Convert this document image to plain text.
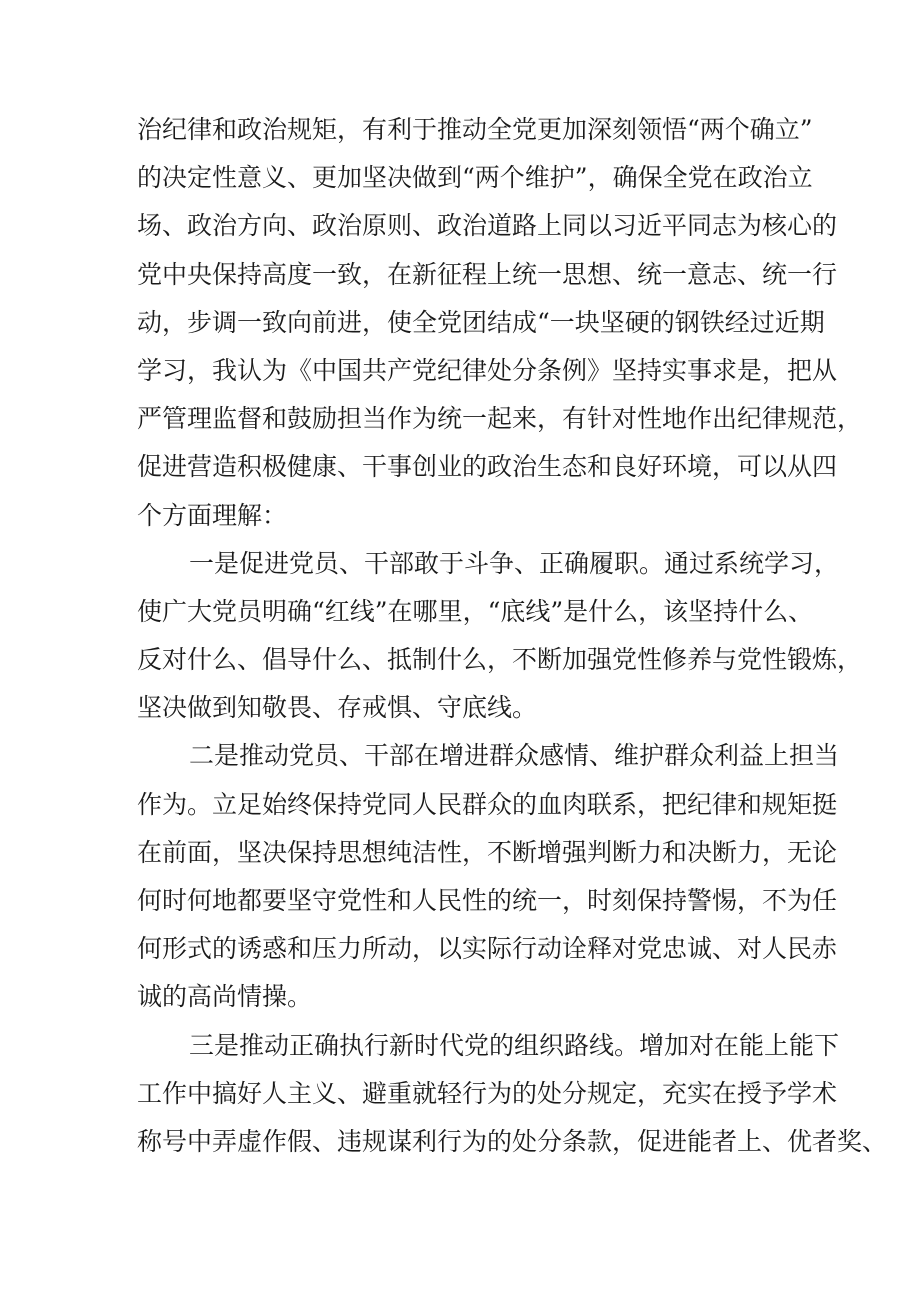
治纪律和政治规矩，有利于推动全党更加深刻领悟“两个确立”
的决定性意义、更加坚决做到“两个维护”，确保全党在政治立
场、政治方向、政治原则、政治道路上同以习近平同志为核心的
党中央保持高度一致，在新征程上统一思想、统一意志、统一行
动，步调一致向前进，使全党团结成“一块坚硬的钢铁经过近期
学习，我认为《中国共产党纪律处分条例》坚持实事求是，把从
严管理监督和鼓励担当作为统一起来，有针对性地作出纪律规范，
促进营造积极健康、干事创业的政治生态和良好环境，可以从四
个方面理解：
一是促进党员、干部敢于斗争、正确履职。通过系统学习，
使广大党员明确“红线”在哪里，“底线”是什么，该坚持什么、
反对什么、倡导什么、抵制什么，不断加强党性修养与党性锻炼，
坚决做到知敬畏、存戒惧、守底线。
二是推动党员、干部在增进群众感情、维护群众利益上担当
作为。立足始终保持党同人民群众的血肉联系，把纪律和规矩挺
在前面，坚决保持思想纯洁性，不断增强判断力和决断力，无论
何时何地都要坚守党性和人民性的统一，时刻保持警惕，不为任
何形式的诱惑和压力所动，以实际行动诠释对党忠诚、对人民赤
诚的高尚情操。
三是推动正确执行新时代党的组织路线。增加对在能上能下
工作中搞好人主义、避重就轻行为的处分规定，充实在授予学术
称号中弄虚作假、违规谋利行为的处分条款，促进能者上、优者奖、
